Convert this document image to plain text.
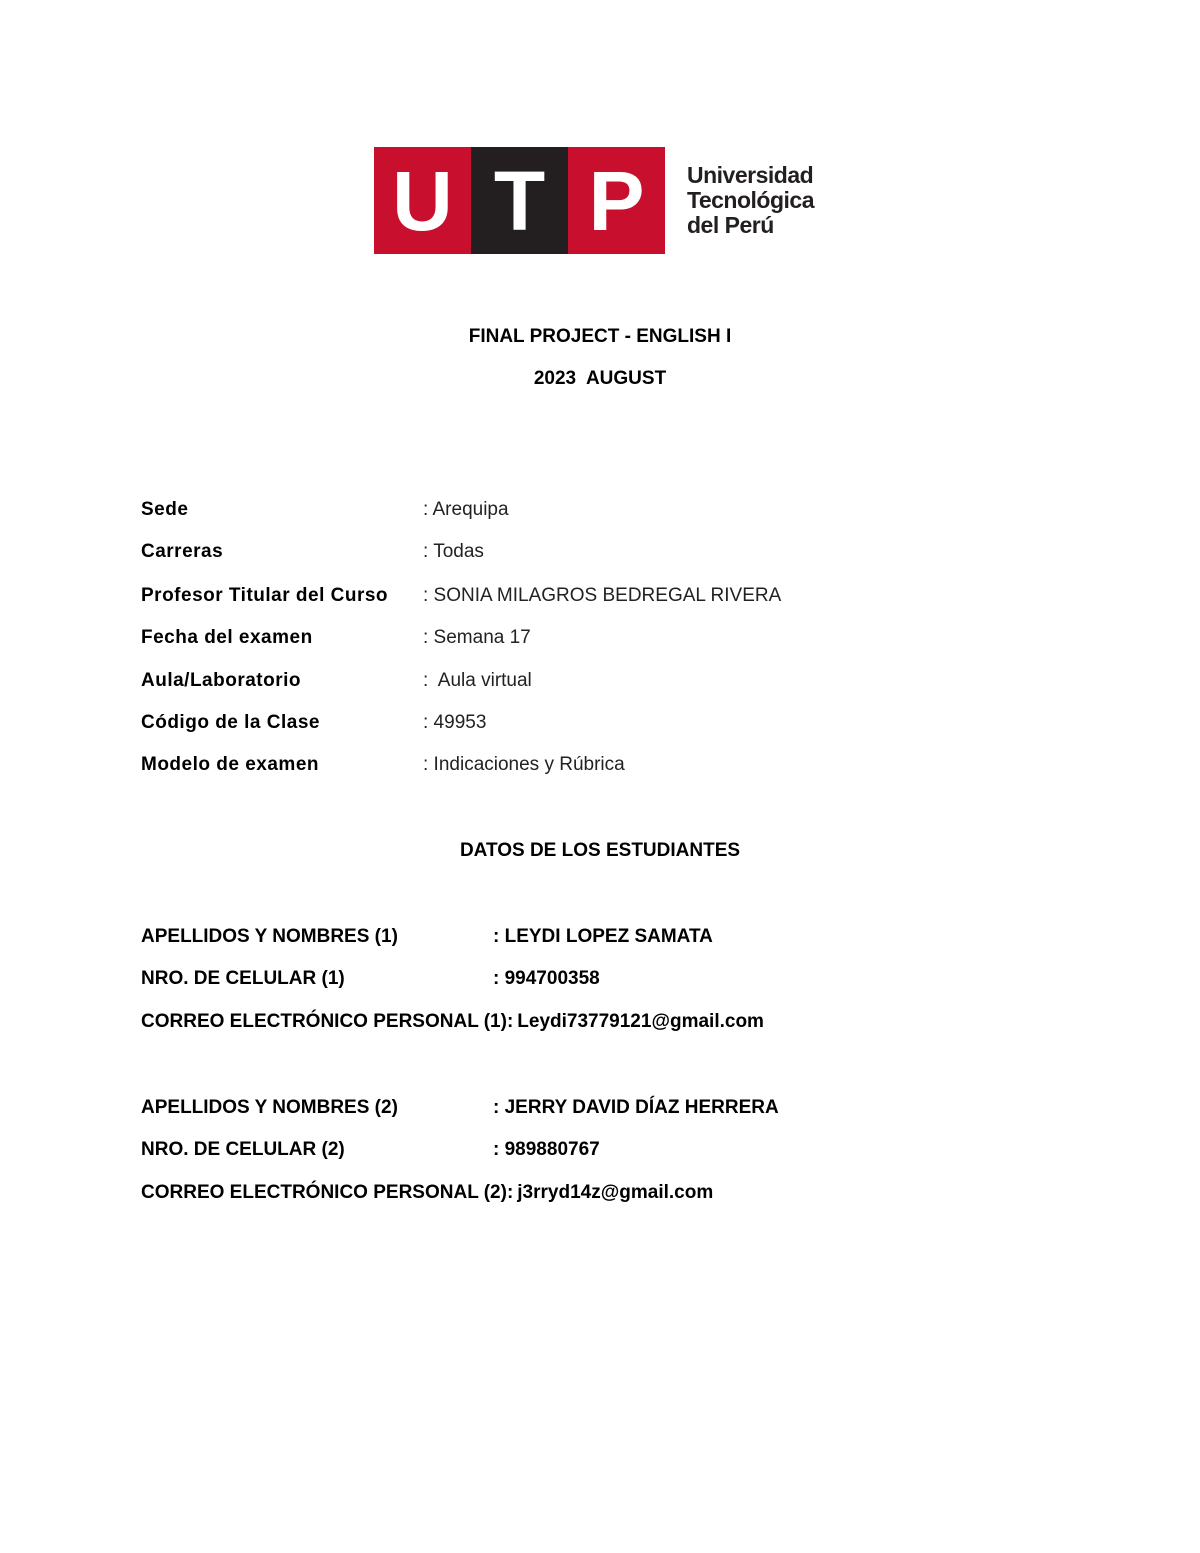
U T P	Universidad
Tecnológica
del Perú
FINAL PROJECT - ENGLISH I
2023  AUGUST
Sede	: Arequipa
Carreras	: Todas
Profesor Titular del Curso : SONIA MILAGROS BEDREGAL RIVERA
Fecha del examen	: Semana 17
Aula/Laboratorio	:  Aula virtual
Código de la Clase	: 49953
Modelo de examen	: Indicaciones y Rúbrica
DATOS DE LOS ESTUDIANTES
APELLIDOS Y NOMBRES (1)	: LEYDI LOPEZ SAMATA
NRO. DE CELULAR (1)	: 994700358
CORREO ELECTRÓNICO PERSONAL (1): Leydi73779121@gmail.com
APELLIDOS Y NOMBRES (2)	: JERRY DAVID DÍAZ HERRERA
NRO. DE CELULAR (2)	: 989880767
CORREO ELECTRÓNICO PERSONAL (2): j3rryd14z@gmail.com
